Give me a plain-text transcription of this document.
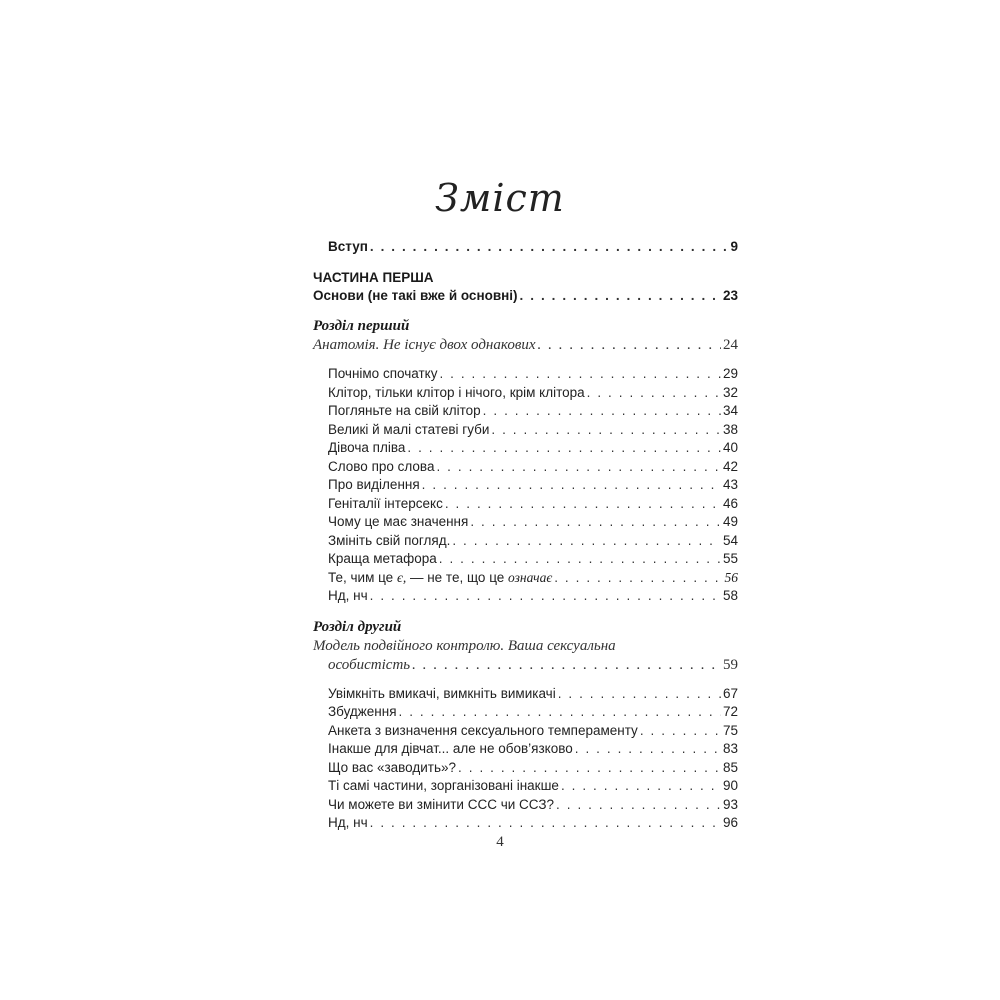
Зміст
Вступ . . .	9
ЧАСТИНА ПЕРША
Основи (не такі вже й основні) . . .	23
Розділ перший
Анатомія. Не існує двох однакових . . .	24
Почнімо спочатку . . .	29
Клітор, тільки клітор і нічого, крім клітора . . .	32
Погляньте на свій клітор . . .	34
Великі й малі статеві губи . . .	38
Дівоча пліва . . .	40
Слово про слова . . .	42
Про виділення . . .	43
Геніталії інтерсекс . . .	46
Чому це має значення . . .	49
Змініть свій погляд. . . .	54
Краща метафора . . .	55
Те, чим це є, — не те, що це означає . . .	56
Нд, нч . . .	58
Розділ другий
Модель подвійного контролю. Ваша сексуальна
особистість . . .	59
Увімкніть вмикачі, вимкніть вимикачі . . .	67
Збудження . . .	72
Анкета з визначення сексуального темпераменту . . .	75
Інакше для дівчат... але не обов’язково . . .	83
Що вас «заводить»? . . .	85
Ті самі частини, зорганізовані інакше . . .	90
Чи можете ви змінити ССС чи ССЗ? . . .	93
Нд, нч . . .	96
4
